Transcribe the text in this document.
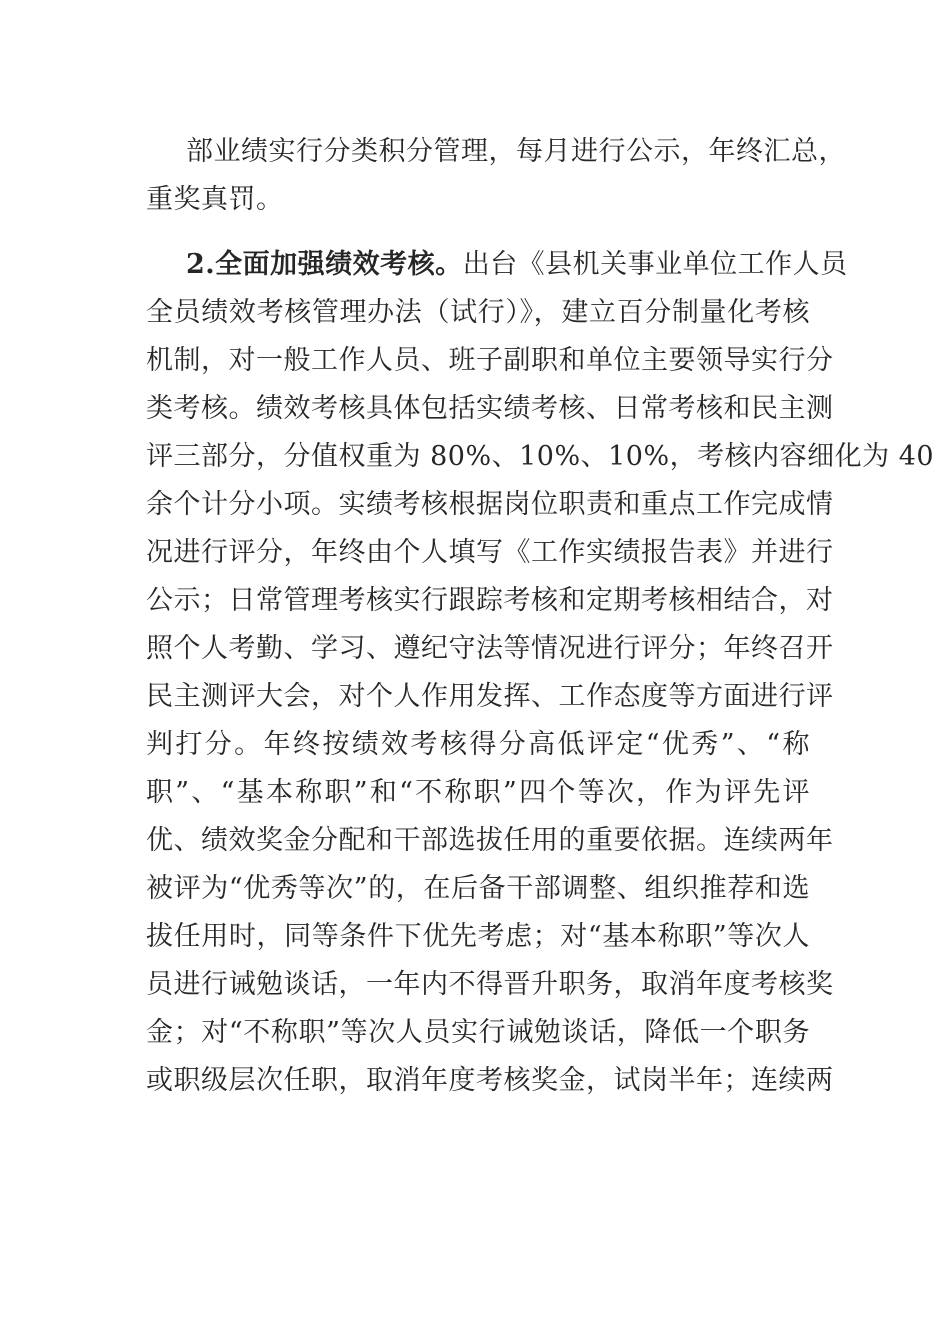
部业绩实行分类积分管理，每月进行公示，年终汇总，
重奖真罚。
2.全面加强绩效考核。出台《县机关事业单位工作人员
全员绩效考核管理办法（试行）》，建立百分制量化考核
机制，对一般工作人员、班子副职和单位主要领导实行分
类考核。绩效考核具体包括实绩考核、日常考核和民主测
评三部分，分值权重为 80%、10%、10%，考核内容细化为 40
余个计分小项。实绩考核根据岗位职责和重点工作完成情
况进行评分，年终由个人填写《工作实绩报告表》并进行
公示；日常管理考核实行跟踪考核和定期考核相结合，对
照个人考勤、学习、遵纪守法等情况进行评分；年终召开
民主测评大会，对个人作用发挥、工作态度等方面进行评
判打分。年终按绩效考核得分高低评定“优秀”、“称
职”、“基本称职”和“不称职”四个等次，作为评先评
优、绩效奖金分配和干部选拔任用的重要依据。连续两年
被评为“优秀等次”的，在后备干部调整、组织推荐和选
拔任用时，同等条件下优先考虑；对“基本称职”等次人
员进行诫勉谈话，一年内不得晋升职务，取消年度考核奖
金；对“不称职”等次人员实行诫勉谈话，降低一个职务
或职级层次任职，取消年度考核奖金，试岗半年；连续两
